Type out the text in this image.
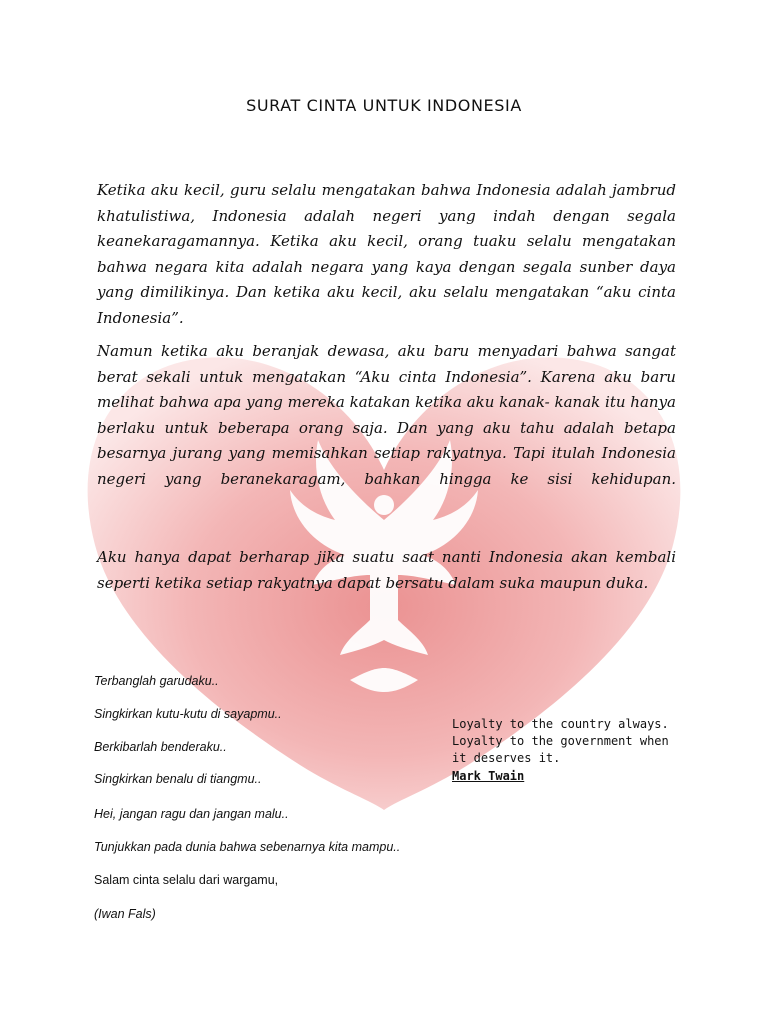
SURAT CINTA UNTUK INDONESIA

Ketika aku kecil, guru selalu mengatakan bahwa Indonesia adalah jambrud khatulistiwa, Indonesia adalah negeri yang indah dengan segala keanekaragamannya. Ketika aku kecil, orang tuaku selalu mengatakan bahwa negara kita adalah negara yang kaya dengan segala sunber daya yang dimilikinya. Dan ketika aku kecil, aku selalu mengatakan “aku cinta Indonesia”.

Namun ketika aku beranjak dewasa, aku baru menyadari bahwa sangat berat sekali untuk mengatakan “Aku cinta Indonesia”. Karena aku baru melihat bahwa apa yang mereka katakan ketika aku kanak- kanak itu hanya berlaku untuk beberapa orang saja. Dan yang aku tahu adalah betapa besarnya jurang yang memisahkan setiap rakyatnya. Tapi itulah Indonesia negeri yang beranekaragam, bahkan hingga ke sisi kehidupan.

Aku hanya dapat berharap jika suatu saat nanti Indonesia akan kembali seperti ketika setiap rakyatnya dapat bersatu dalam suka maupun duka.

Terbanglah garudaku..
Singkirkan kutu-kutu di sayapmu..
Berkibarlah benderaku..
Singkirkan benalu di tiangmu..
Hei, jangan ragu dan jangan malu..
Tunjukkan pada dunia bahwa sebenarnya kita mampu..
Salam cinta selalu dari wargamu,
(Iwan Fals)
Loyalty to the country always.
Loyalty to the government when
it deserves it.
Mark Twain
